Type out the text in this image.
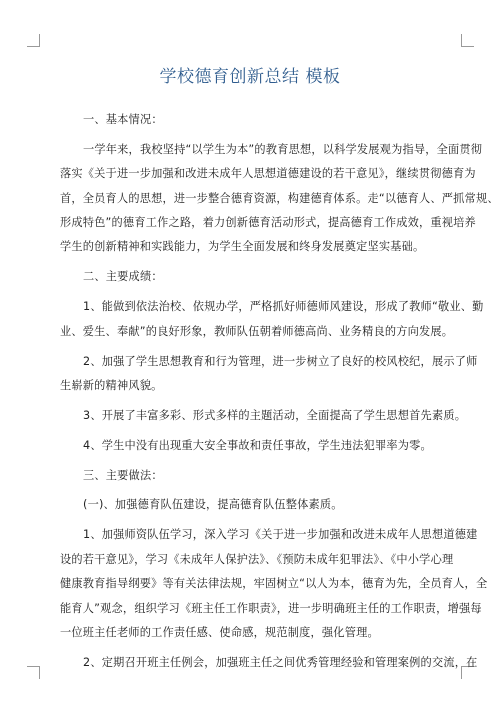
学校德育创新总结 模板
一、基本情况：
一学年来，我校坚持“以学生为本”的教育思想，以科学发展观为指导，全面贯彻
落实《关于进一步加强和改进未成年人思想道德建设的若干意见》，继续贯彻德育为
首，全员育人的思想，进一步整合德育资源，构建德育体系。走“以德育人、严抓常规、
形成特色”的德育工作之路，着力创新德育活动形式，提高德育工作成效，重视培养
学生的创新精神和实践能力，为学生全面发展和终身发展奠定坚实基础。
二、主要成绩：
1、能做到依法治校、依规办学，严格抓好师德师风建设，形成了教师“敬业、勤
业、爱生、奉献”的良好形象，教师队伍朝着师德高尚、业务精良的方向发展。
2、加强了学生思想教育和行为管理，进一步树立了良好的校风校纪，展示了师
生崭新的精神风貌。
3、开展了丰富多彩、形式多样的主题活动，全面提高了学生思想首先素质。
4、学生中没有出现重大安全事故和责任事故，学生违法犯罪率为零。
三、主要做法：
(一)、加强德育队伍建设，提高德育队伍整体素质。
1、加强师资队伍学习，深入学习《关于进一步加强和改进未成年人思想道德建
设的若干意见》，学习《未成年人保护法》、《预防未成年犯罪法》、《中小学心理
健康教育指导纲要》等有关法律法规，牢固树立“以人为本，德育为先，全员育人，全
能育人”观念，组织学习《班主任工作职责》，进一步明确班主任的工作职责，增强每
一位班主任老师的工作责任感、使命感，规范制度，强化管理。
2、定期召开班主任例会，加强班主任之间优秀管理经验和管理案例的交流，在
